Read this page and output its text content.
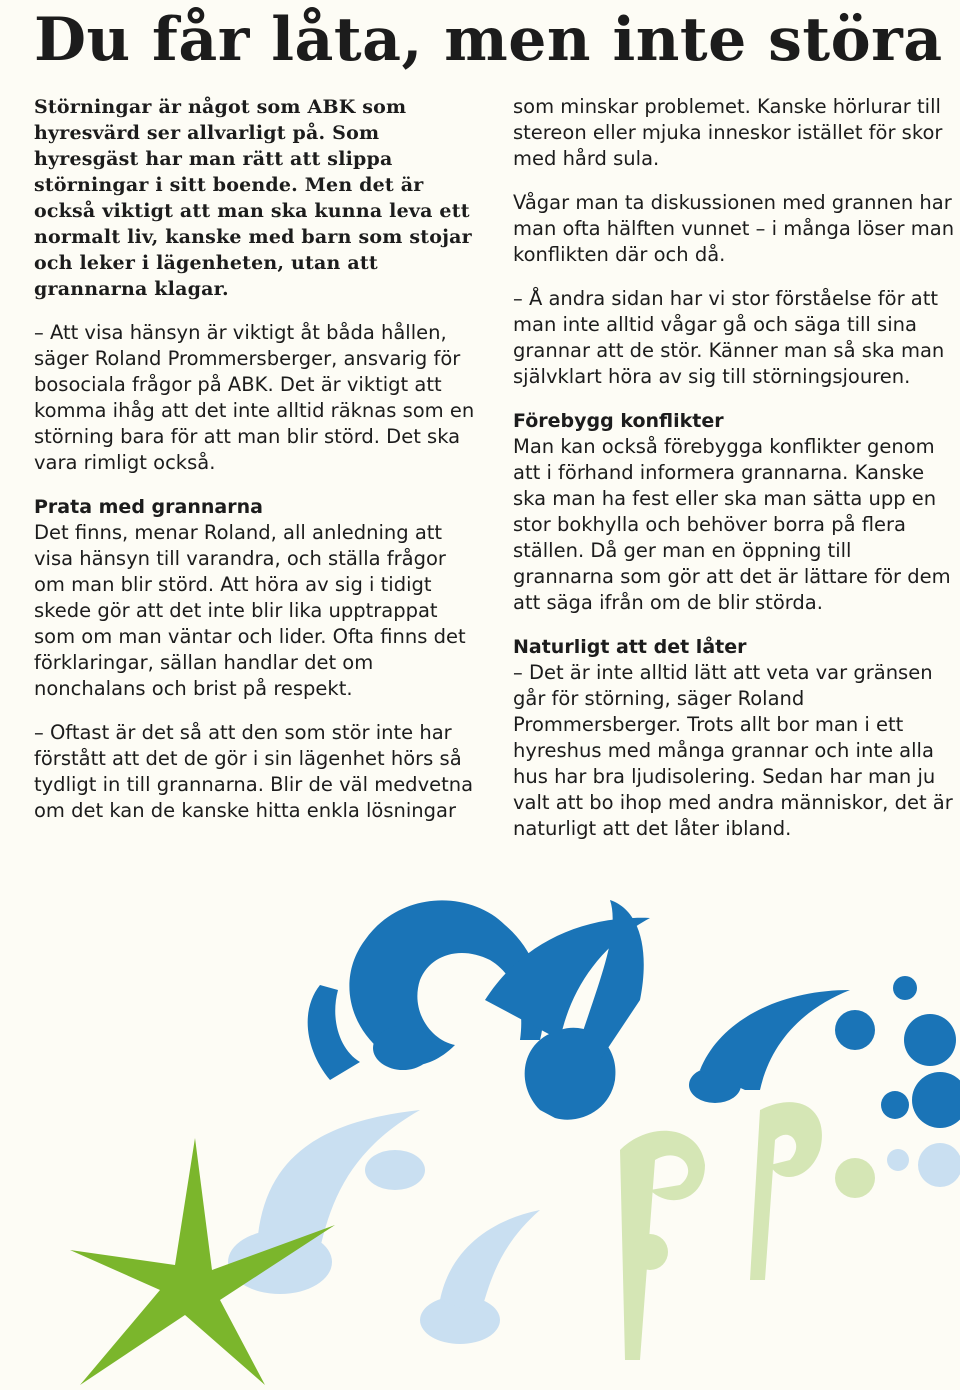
Du får låta, men inte störa

Störningar är något som ABK som hyresvärd ser allvarligt på. Som hyresgäst har man rätt att slippa störningar i sitt boende. Men det är också viktigt att man ska kunna leva ett normalt liv, kanske med barn som stojar och leker i lägenheten, utan att grannarna klagar.

– Att visa hänsyn är viktigt åt båda hållen, säger Roland Prommersberger, ansvarig för bosociala frågor på ABK. Det är viktigt att komma ihåg att det inte alltid räknas som en störning bara för att man blir störd. Det ska vara rimligt också.

Prata med grannarna

Det finns, menar Roland, all anledning att visa hänsyn till varandra, och ställa frågor om man blir störd. Att höra av sig i tidigt skede gör att det inte blir lika upptrappat som om man väntar och lider. Ofta finns det förklaringar, sällan handlar det om nonchalans och brist på respekt.

– Oftast är det så att den som stör inte har förstått att det de gör i sin lägenhet hörs så tydligt in till grannarna. Blir de väl medvetna om det kan de kanske hitta enkla lösningar

som minskar problemet. Kanske hörlurar till stereon eller mjuka inneskor istället för skor med hård sula.

Vågar man ta diskussionen med grannen har man ofta hälften vunnet – i många löser man konflikten där och då.

– Å andra sidan har vi stor förståelse för att man inte alltid vågar gå och säga till sina grannar att de stör. Känner man så ska man självklart höra av sig till störningsjouren.

Förebygg konflikter

Man kan också förebygga konflikter genom att i förhand informera grannarna. Kanske ska man ha fest eller ska man sätta upp en stor bokhylla och behöver borra på flera ställen. Då ger man en öppning till grannarna som gör att det är lättare för dem att säga ifrån om de blir störda.

Naturligt att det låter

– Det är inte alltid lätt att veta var gränsen går för störning, säger Roland Prommersberger. Trots allt bor man i ett hyreshus med många grannar och inte alla hus har bra ljudisolering. Sedan har man ju valt att bo ihop med andra människor, det är naturligt att det låter ibland.
